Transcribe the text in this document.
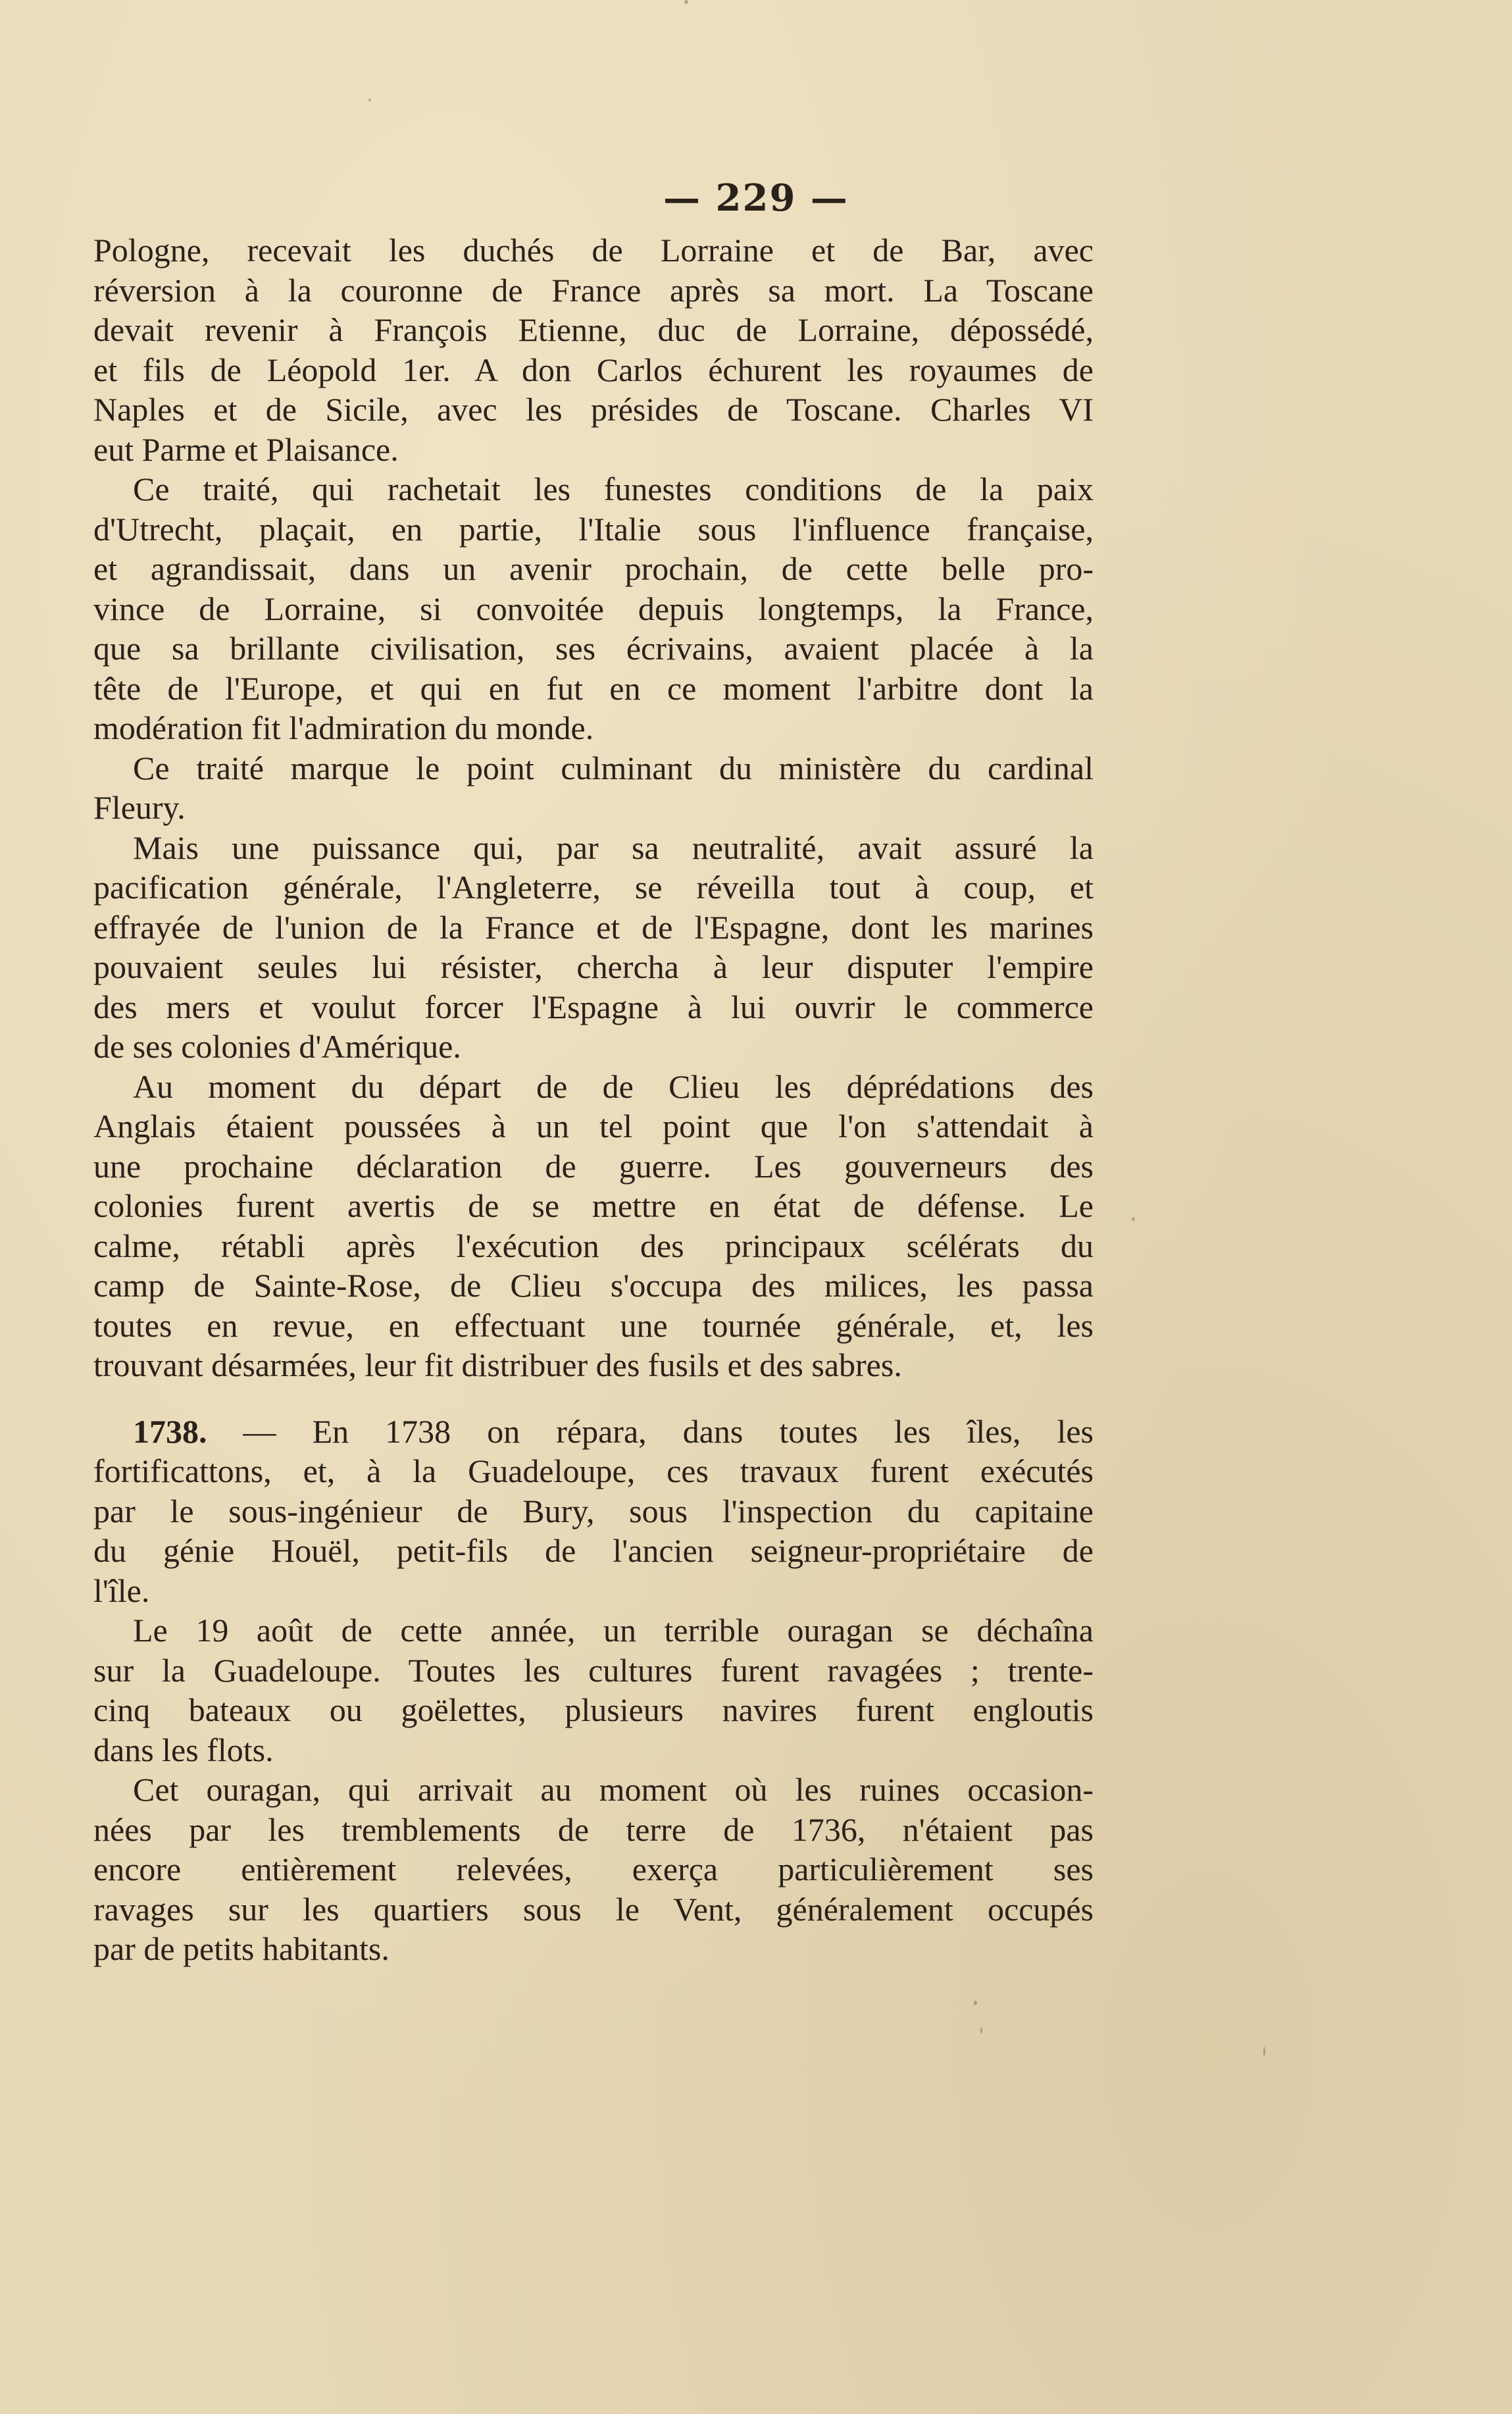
— 229 —
Pologne, recevait les duchés de Lorraine et de Bar, avec
réversion à la couronne de France après sa mort. La Toscane
devait revenir à François Etienne, duc de Lorraine, dépossédé,
et fils de Léopold 1er. A don Carlos échurent les royaumes de
Naples et de Sicile, avec les présides de Toscane. Charles VI
eut Parme et Plaisance.
Ce traité, qui rachetait les funestes conditions de la paix
d'Utrecht, plaçait, en partie, l'Italie sous l'influence française,
et agrandissait, dans un avenir prochain, de cette belle pro-
vince de Lorraine, si convoitée depuis longtemps, la France,
que sa brillante civilisation, ses écrivains, avaient placée à la
tête de l'Europe, et qui en fut en ce moment l'arbitre dont la
modération fit l'admiration du monde.
Ce traité marque le point culminant du ministère du cardinal
Fleury.
Mais une puissance qui, par sa neutralité, avait assuré la
pacification générale, l'Angleterre, se réveilla tout à coup, et
effrayée de l'union de la France et de l'Espagne, dont les marines
pouvaient seules lui résister, chercha à leur disputer l'empire
des mers et voulut forcer l'Espagne à lui ouvrir le commerce
de ses colonies d'Amérique.
Au moment du départ de de Clieu les déprédations des
Anglais étaient poussées à un tel point que l'on s'attendait à
une prochaine déclaration de guerre. Les gouverneurs des
colonies furent avertis de se mettre en état de défense. Le
calme, rétabli après l'exécution des principaux scélérats du
camp de Sainte-Rose, de Clieu s'occupa des milices, les passa
toutes en revue, en effectuant une tournée générale, et, les
trouvant désarmées, leur fit distribuer des fusils et des sabres.
1738. — En 1738 on répara, dans toutes les îles, les
fortificattons, et, à la Guadeloupe, ces travaux furent exécutés
par le sous-ingénieur de Bury, sous l'inspection du capitaine
du génie Houël, petit-fils de l'ancien seigneur-propriétaire de
l'île.
Le 19 août de cette année, un terrible ouragan se déchaîna
sur la Guadeloupe. Toutes les cultures furent ravagées ; trente-
cinq bateaux ou goëlettes, plusieurs navires furent engloutis
dans les flots.
Cet ouragan, qui arrivait au moment où les ruines occasion-
nées par les tremblements de terre de 1736, n'étaient pas
encore entièrement relevées, exerça particulièrement ses
ravages sur les quartiers sous le Vent, généralement occupés
par de petits habitants.
